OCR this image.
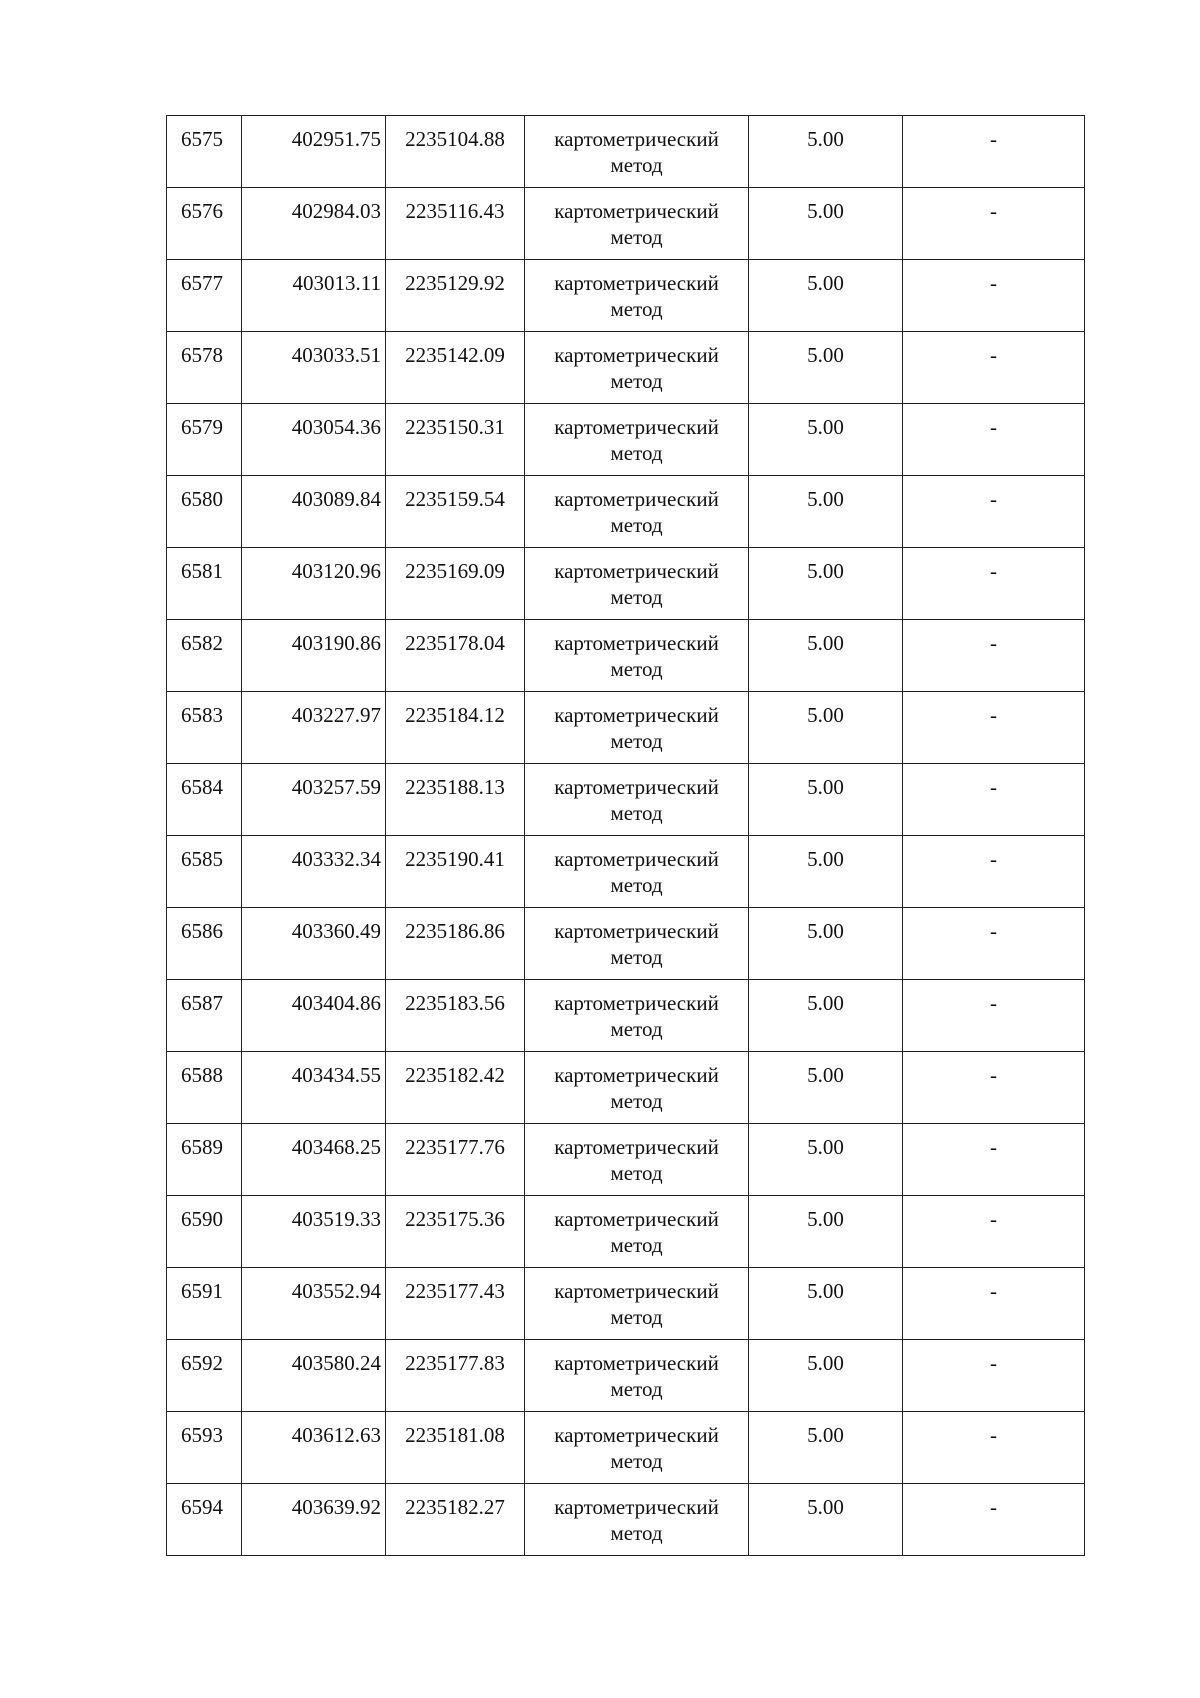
6575	402951.75	2235104.88	картометрический метод	5.00	-
6576	402984.03	2235116.43	картометрический метод	5.00	-
6577	403013.11	2235129.92	картометрический метод	5.00	-
6578	403033.51	2235142.09	картометрический метод	5.00	-
6579	403054.36	2235150.31	картометрический метод	5.00	-
6580	403089.84	2235159.54	картометрический метод	5.00	-
6581	403120.96	2235169.09	картометрический метод	5.00	-
6582	403190.86	2235178.04	картометрический метод	5.00	-
6583	403227.97	2235184.12	картометрический метод	5.00	-
6584	403257.59	2235188.13	картометрический метод	5.00	-
6585	403332.34	2235190.41	картометрический метод	5.00	-
6586	403360.49	2235186.86	картометрический метод	5.00	-
6587	403404.86	2235183.56	картометрический метод	5.00	-
6588	403434.55	2235182.42	картометрический метод	5.00	-
6589	403468.25	2235177.76	картометрический метод	5.00	-
6590	403519.33	2235175.36	картометрический метод	5.00	-
6591	403552.94	2235177.43	картометрический метод	5.00	-
6592	403580.24	2235177.83	картометрический метод	5.00	-
6593	403612.63	2235181.08	картометрический метод	5.00	-
6594	403639.92	2235182.27	картометрический метод	5.00	-
